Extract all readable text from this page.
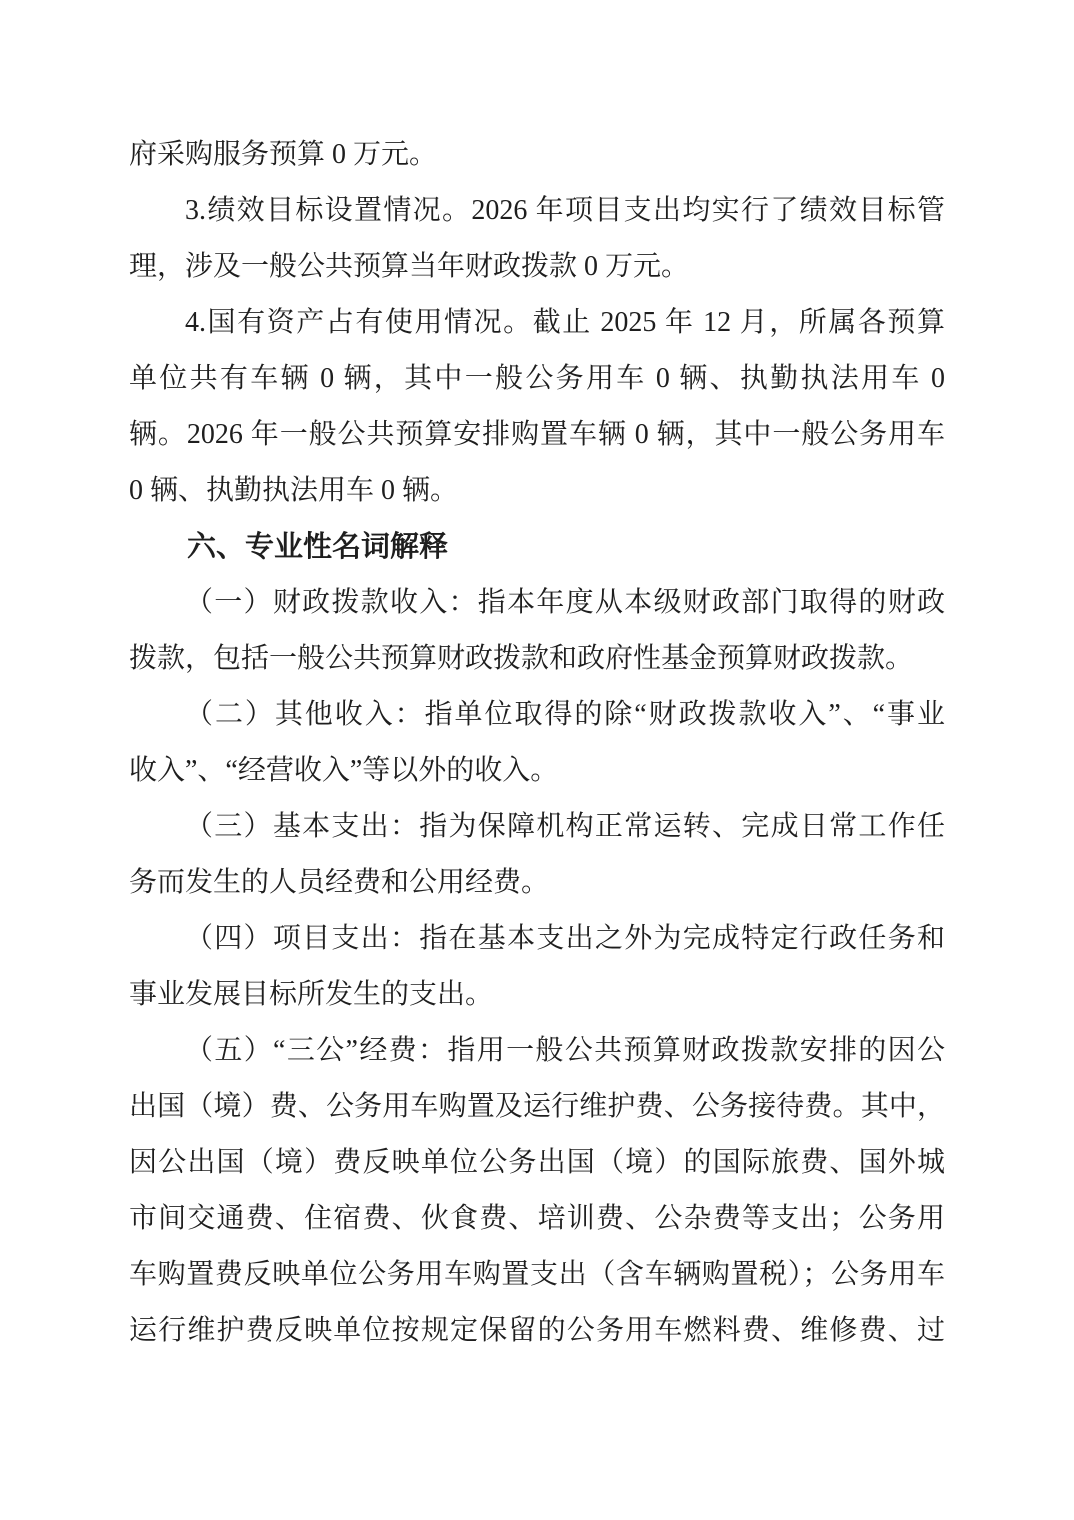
府采购服务预算 0 万元。
3.绩效目标设置情况。2026 年项目支出均实行了绩效目标管
理，涉及一般公共预算当年财政拨款 0 万元。
4.国有资产占有使用情况。截止 2025 年 12 月，所属各预算
单位共有车辆 0 辆，其中一般公务用车 0 辆、执勤执法用车 0
辆。2026 年一般公共预算安排购置车辆 0 辆，其中一般公务用车
0 辆、执勤执法用车 0 辆。
六、专业性名词解释
（一）财政拨款收入：指本年度从本级财政部门取得的财政
拨款，包括一般公共预算财政拨款和政府性基金预算财政拨款。
（二）其他收入：指单位取得的除“财政拨款收入”、“事业
收入”、“经营收入”等以外的收入。
（三）基本支出：指为保障机构正常运转、完成日常工作任
务而发生的人员经费和公用经费。
（四）项目支出：指在基本支出之外为完成特定行政任务和
事业发展目标所发生的支出。
（五）“三公”经费：指用一般公共预算财政拨款安排的因公
出国（境）费、公务用车购置及运行维护费、公务接待费。其中，
因公出国（境）费反映单位公务出国（境）的国际旅费、国外城
市间交通费、住宿费、伙食费、培训费、公杂费等支出；公务用
车购置费反映单位公务用车购置支出（含车辆购置税）；公务用车
运行维护费反映单位按规定保留的公务用车燃料费、维修费、过
